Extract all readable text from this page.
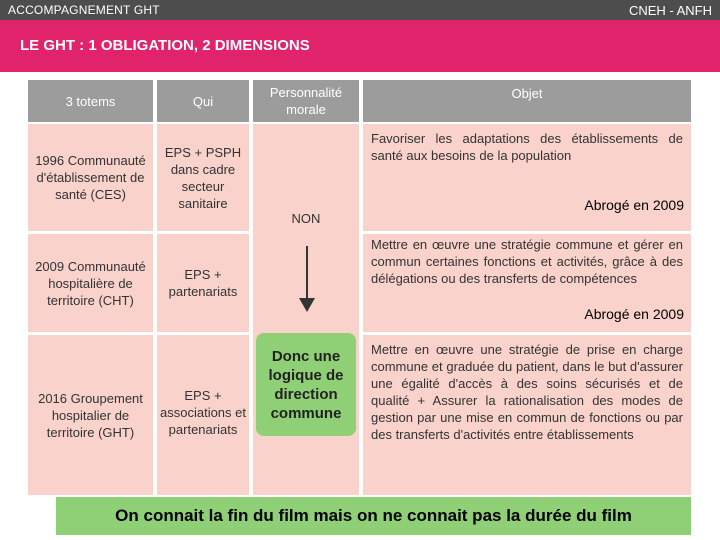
ACCOMPAGNEMENT GHT	CNEH - ANFH
LE GHT : 1 OBLIGATION, 2 DIMENSIONS
3 totems	Qui
Personnalité morale
Objet
1996 Communauté d'établissement de santé (CES)
2009 Communauté hospitalière de territoire (CHT)
2016 Groupement hospitalier de territoire (GHT)
EPS + PSPH dans cadre secteur sanitaire
EPS + partenariats
EPS + associations et partenariats
NON
Donc une logique de direction commune
Favoriser les adaptations des établissements de santé aux besoins de la population
Abrogé en 2009
Mettre en œuvre une stratégie commune et gérer en commun certaines fonctions et activités, grâce à des délégations ou des transferts de compétences
Abrogé en 2009
Mettre en œuvre une stratégie de prise en charge commune et graduée du patient, dans le but d'assurer une égalité d'accès à des soins sécurisés et de qualité + Assurer la rationalisation des modes de gestion par une mise en commun de fonctions ou par des transferts d'activités entre établissements
On connait la fin du film mais on ne connait pas la durée du film
